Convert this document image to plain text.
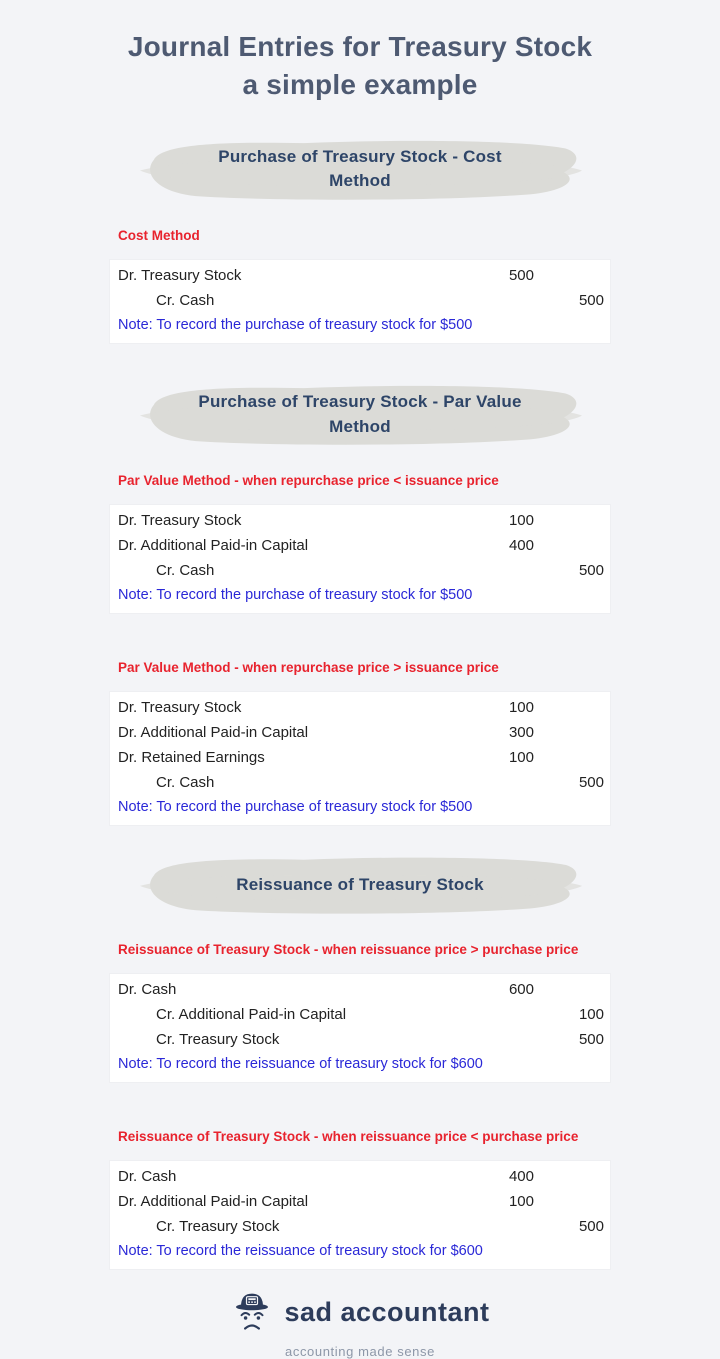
Journal Entries for Treasury Stock
a simple example
Purchase of Treasury Stock - Cost Method
Cost Method
Dr. Treasury Stock	500
Cr. Cash	500
Note: To record the purchase of treasury stock for $500
Purchase of Treasury Stock - Par Value Method
Par Value Method - when repurchase price < issuance price
Dr. Treasury Stock	100
Dr. Additional Paid-in Capital	400
Cr. Cash	500
Note: To record the purchase of treasury stock for $500
Par Value Method - when repurchase price > issuance price
Dr. Treasury Stock	100
Dr. Additional Paid-in Capital	300
Dr. Retained Earnings	100
Cr. Cash	500
Note: To record the purchase of treasury stock for $500
Reissuance of Treasury Stock
Reissuance of Treasury Stock - when reissuance price > purchase price
Dr. Cash	600
Cr. Additional Paid-in Capital	100
Cr. Treasury Stock	500
Note: To record the reissuance of treasury stock for $600
Reissuance of Treasury Stock - when reissuance price < purchase price
Dr. Cash	400
Dr. Additional Paid-in Capital	100
Cr. Treasury Stock	500
Note: To record the reissuance of treasury stock for $600
sad accountant
accounting made sense
